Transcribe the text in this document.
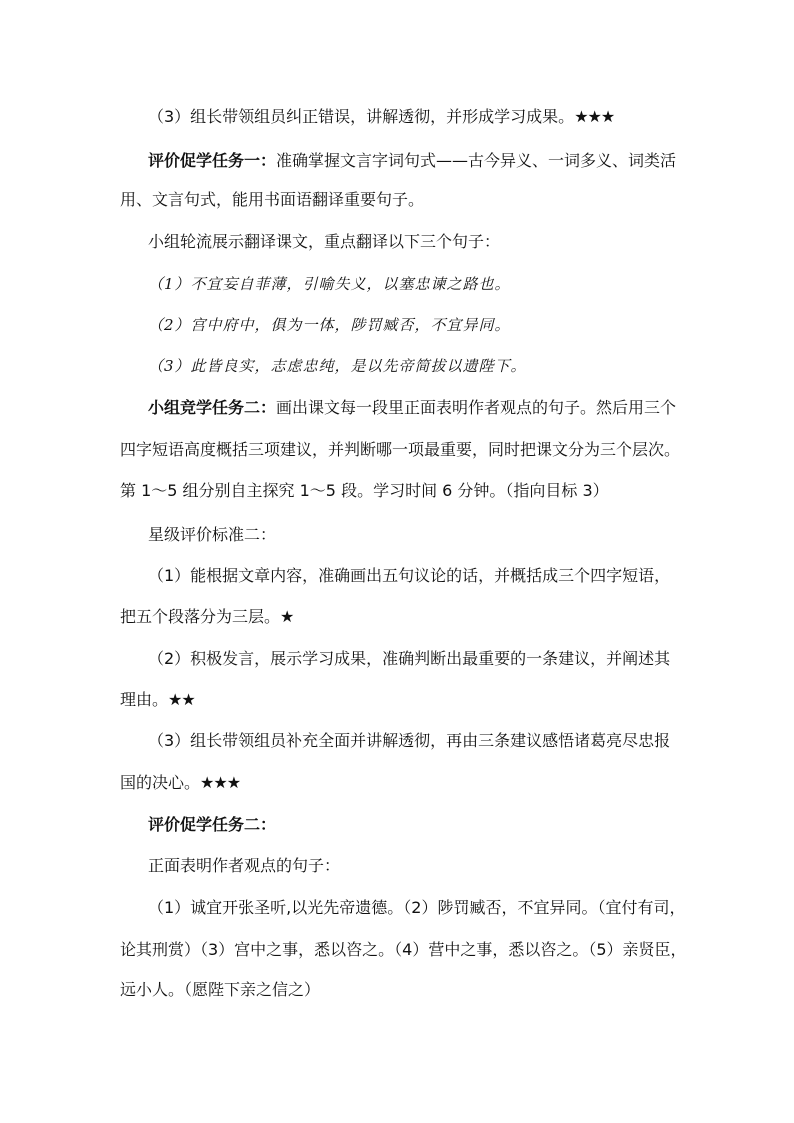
（3）组长带领组员纠正错误，讲解透彻，并形成学习成果。★★★
评价促学任务一：准确掌握文言字词句式——古今异义、一词多义、词类活
用、文言句式，能用书面语翻译重要句子。
小组轮流展示翻译课文，重点翻译以下三个句子：
（1）不宜妄自菲薄，引喻失义，以塞忠谏之路也。
（2）宫中府中，俱为一体，陟罚臧否，不宜异同。
（3）此皆良实，志虑忠纯，是以先帝简拔以遗陛下。
小组竞学任务二：画出课文每一段里正面表明作者观点的句子。然后用三个
四字短语高度概括三项建议，并判断哪一项最重要，同时把课文分为三个层次。
第 1～5 组分别自主探究 1～5 段。学习时间 6 分钟。（指向目标 3）
星级评价标准二：
（1）能根据文章内容，准确画出五句议论的话，并概括成三个四字短语，
把五个段落分为三层。★
（2）积极发言，展示学习成果，准确判断出最重要的一条建议，并阐述其
理由。★★
（3）组长带领组员补充全面并讲解透彻，再由三条建议感悟诸葛亮尽忠报
国的决心。★★★
评价促学任务二：
正面表明作者观点的句子：
（1）诚宜开张圣听,以光先帝遗德。（2）陟罚臧否，不宜异同。（宜付有司，
论其刑赏）（3）宫中之事，悉以咨之。（4）营中之事，悉以咨之。（5）亲贤臣，
远小人。（愿陛下亲之信之）
